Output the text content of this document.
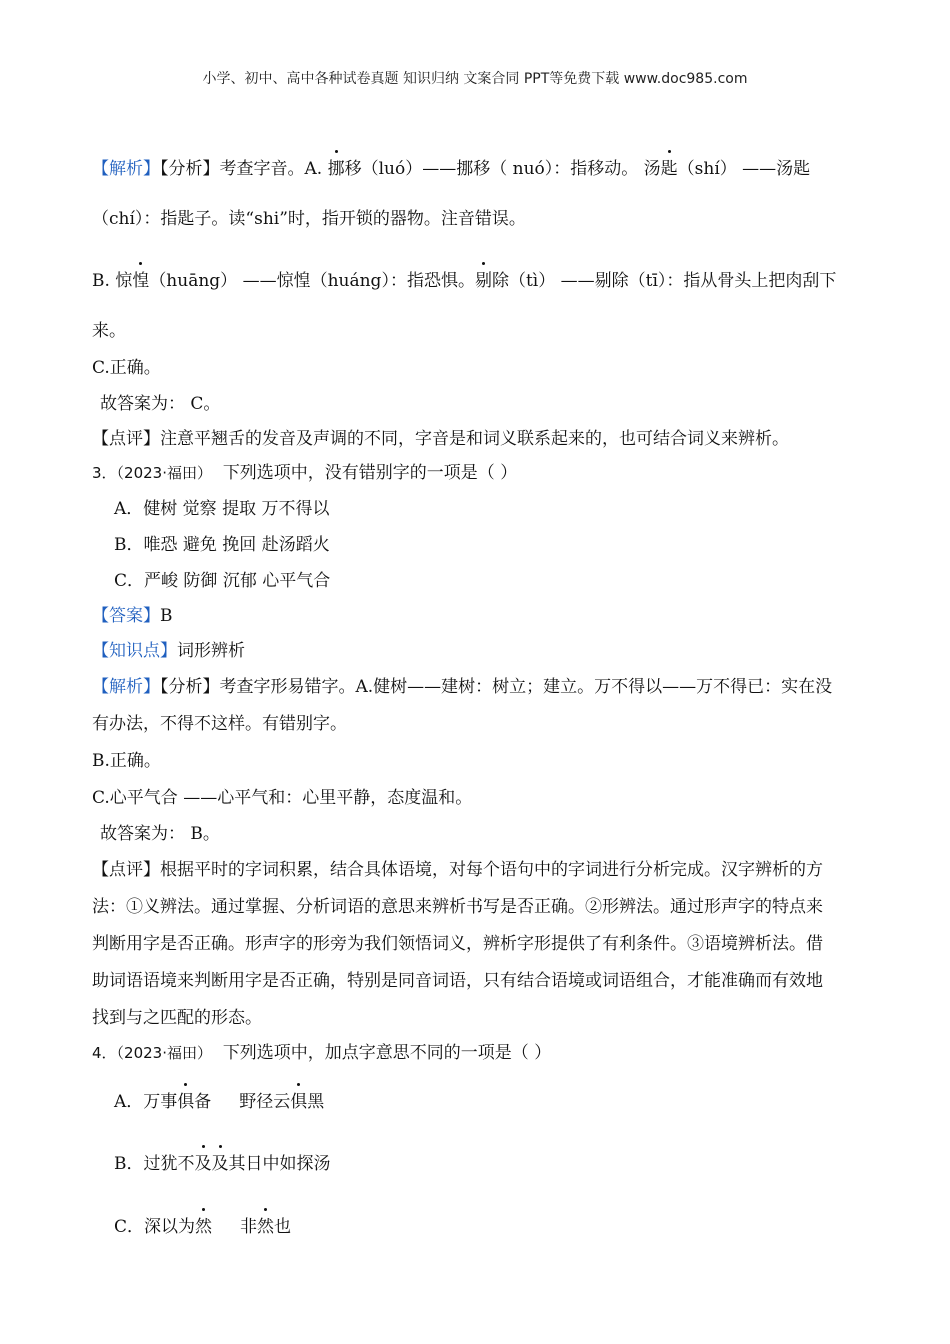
小学、初中、高中各种试卷真题 知识归纳 文案合同 PPT等免费下载 www.doc985.com
【解析】【分析】考查字音。A. 挪移（luó）——挪移（ nuó）：指移动。 汤匙（shí） ——汤匙
（chí）：指匙子。读“shi”时，指开锁的器物。注音错误。
B. 惊惶（huāng） ——惊惶（huáng）：指恐惧。剔除（tì） ——剔除（tī）：指从骨头上把肉刮下
来。
C.正确。
故答案为： C。
【点评】注意平翘舌的发音及声调的不同，字音是和词义联系起来的，也可结合词义来辨析。
3．（2023·福田） 下列选项中，没有错别字的一项是（ ）
A．健树 觉察 提取 万不得以
B．唯恐 避免 挽回 赴汤蹈火
C．严峻 防御 沉郁 心平气合
【答案】B
【知识点】词形辨析
【解析】【分析】考查字形易错字。A.健树——建树：树立；建立。万不得以——万不得已：实在没
有办法，不得不这样。有错别字。
B.正确。
C.心平气合 ——心平气和：心里平静，态度温和。
故答案为： B。
【点评】根据平时的字词积累，结合具体语境，对每个语句中的字词进行分析完成。汉字辨析的方
法：①义辨法。通过掌握、分析词语的意思来辨析书写是否正确。②形辨法。通过形声字的特点来
判断用字是否正确。形声字的形旁为我们领悟词义，辨析字形提供了有利条件。③语境辨析法。借
助词语语境来判断用字是否正确，特别是同音词语，只有结合语境或词语组合，才能准确而有效地
找到与之匹配的形态。
4．（2023·福田） 下列选项中，加点字意思不同的一项是（ ）
A．万事俱备 野径云俱黑
B．过犹不及及其日中如探汤
C．深以为然 非然也
